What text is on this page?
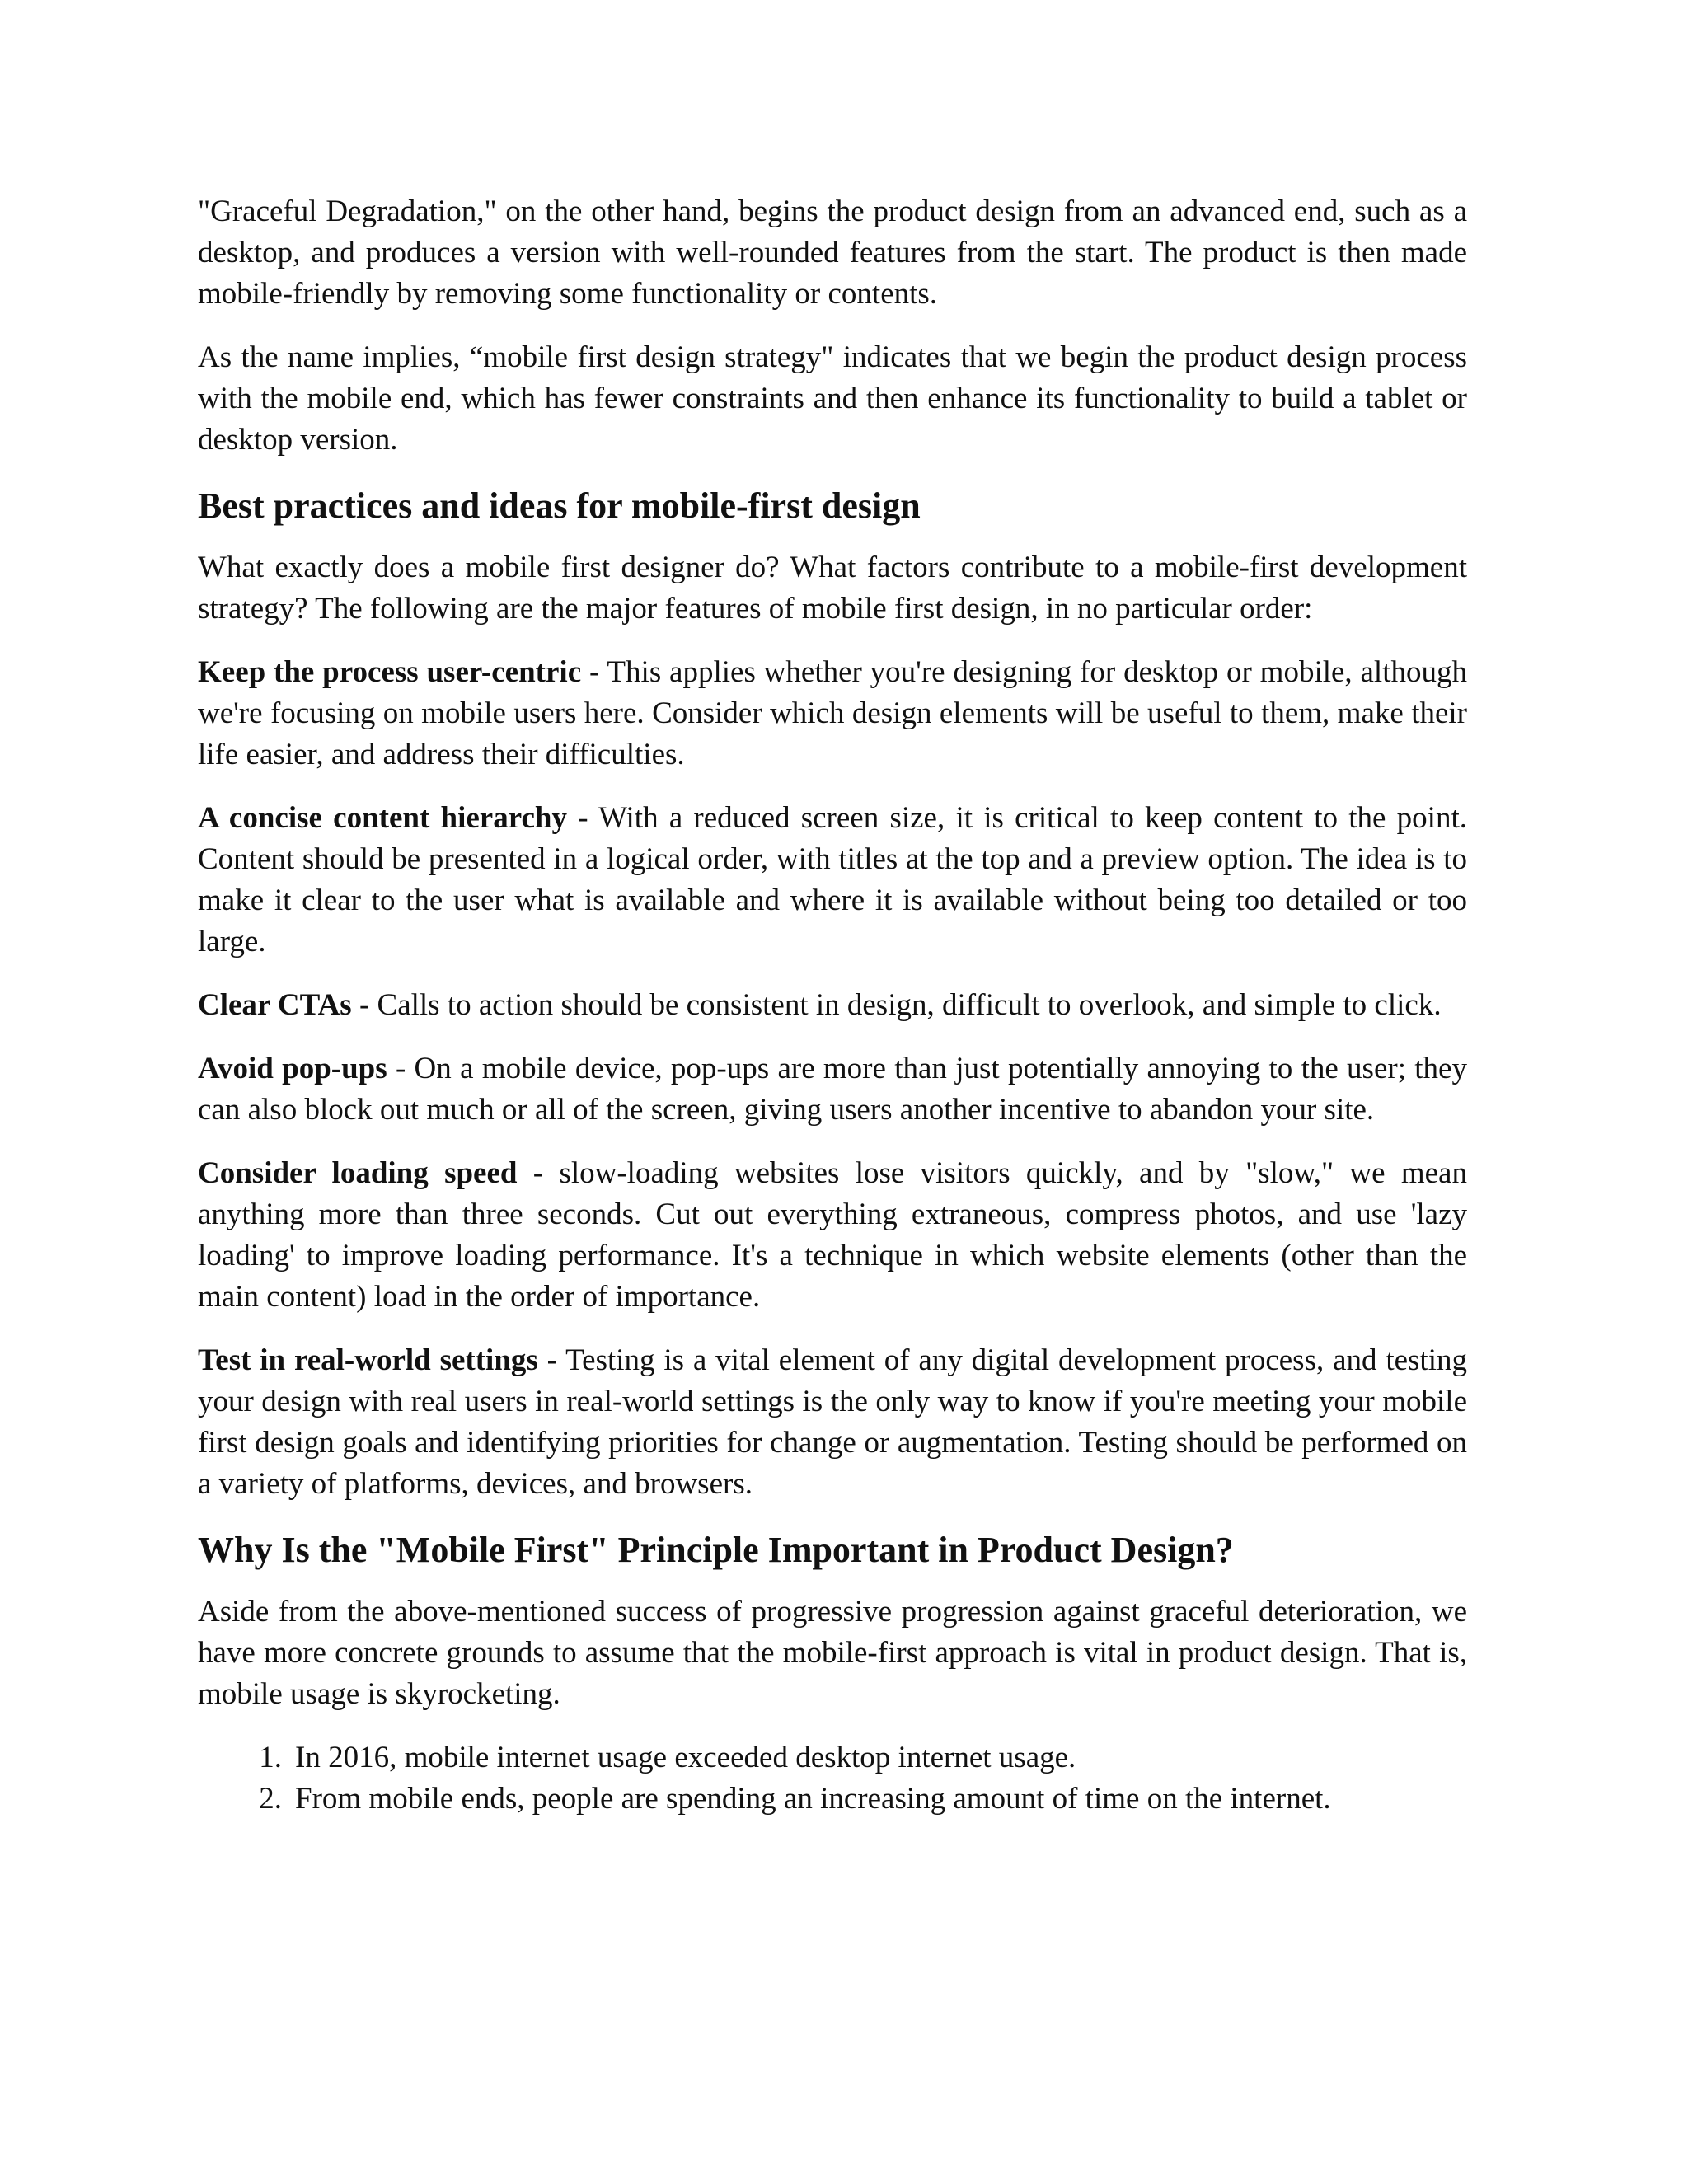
"Graceful Degradation," on the other hand, begins the product design from an advanced end, such as a desktop, and produces a version with well-rounded features from the start. The product is then made mobile-friendly by removing some functionality or contents.

As the name implies, “mobile first design strategy" indicates that we begin the product design process with the mobile end, which has fewer constraints and then enhance its functionality to build a tablet or desktop version.

Best practices and ideas for mobile-first design

What exactly does a mobile first designer do? What factors contribute to a mobile-first development strategy? The following are the major features of mobile first design, in no particular order:

Keep the process user-centric - This applies whether you're designing for desktop or mobile, although we're focusing on mobile users here. Consider which design elements will be useful to them, make their life easier, and address their difficulties.

A concise content hierarchy - With a reduced screen size, it is critical to keep content to the point. Content should be presented in a logical order, with titles at the top and a preview option. The idea is to make it clear to the user what is available and where it is available without being too detailed or too large.

Clear CTAs - Calls to action should be consistent in design, difficult to overlook, and simple to click.

Avoid pop-ups - On a mobile device, pop-ups are more than just potentially annoying to the user; they can also block out much or all of the screen, giving users another incentive to abandon your site.

Consider loading speed - slow-loading websites lose visitors quickly, and by "slow," we mean anything more than three seconds. Cut out everything extraneous, compress photos, and use 'lazy loading' to improve loading performance. It's a technique in which website elements (other than the main content) load in the order of importance.

Test in real-world settings - Testing is a vital element of any digital development process, and testing your design with real users in real-world settings is the only way to know if you're meeting your mobile first design goals and identifying priorities for change or augmentation. Testing should be performed on a variety of platforms, devices, and browsers.

Why Is the "Mobile First" Principle Important in Product Design?

Aside from the above-mentioned success of progressive progression against graceful deterioration, we have more concrete grounds to assume that the mobile-first approach is vital in product design. That is, mobile usage is skyrocketing.

1. In 2016, mobile internet usage exceeded desktop internet usage.
2. From mobile ends, people are spending an increasing amount of time on the internet.
